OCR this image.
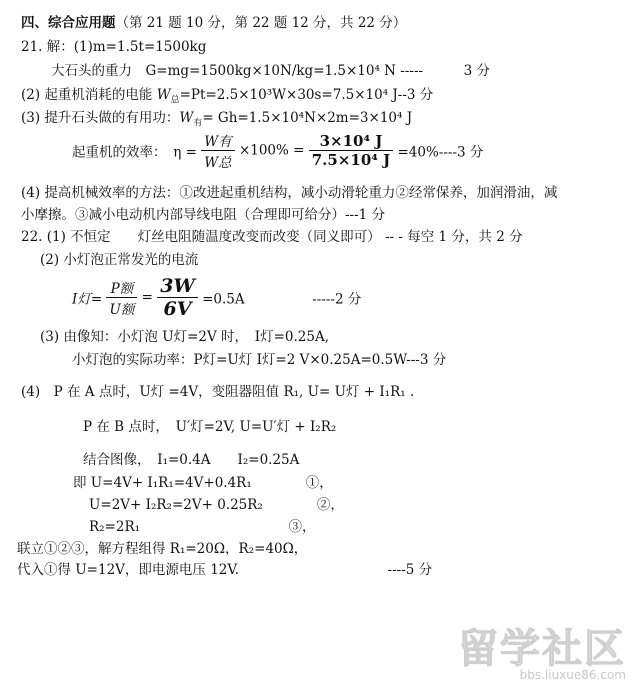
四、综合应用题（第 21 题 10 分，第 22 题 12 分，共 22 分）
21. 解：(1)m=1.5t=1500kg
大石头的重力　G=mg=1500kg×10N/kg=1.5×10⁴ N -----　　　3 分
(2) 起重机消耗的电能 $W_总=Pt=2.5\times 10^3W\times 30s=7.5\times 10^4$ J--3 分
(3) 提升石头做的有用功：$W_有= Gh=1.5\times 10^4N\times 2m=3\times 10^4$ J
起重机的效率：　$\eta = \frac{\text{W有}}{\text{W总}} \times 100\% = \frac{\text{3×10⁴ J}}{\text{7.5×10⁴ J}} =40\%----3$ 分
(4) 提高机械效率的方法：①改进起重机结构，减小动滑轮重力②经常保养，加润滑油，减
小摩擦。③减小电动机内部导线电阻（合理即可给分）---1 分
22. (1) 不恒定　　灯丝电阻随温度改变而改变（同义即可） -- - 每空 1 分，共 2 分
(2) 小灯泡正常发光的电流
I灯= $\frac{\text{P额}}{\text{U额}} = \frac{3W}{6V} =0.5A$　　　　　-----2 分
(3) 由像知：小灯泡 U灯=2V 时，　I灯=0.25A,
小灯泡的实际功率：P灯=U灯 I灯=2 V×0.25A=0.5W---3 分
(4)　P 在 A 点时，U灯 =4V，变阻器阻值 R₁, U= U灯 + I₁R₁ .
P 在 B 点时，　U′灯=2V, U=U′灯 + I₂R₂
结合图像，　I₁=0.4A　　I₂=0.25A
即 U=4V+ I₁R₁=4V+0.4R₁　　　　①，
U=2V+ I₂R₂=2V+ 0.25R₂　　　　②，
R₂=2R₁　　　　　　　　　　　③，
联立①②③，解方程组得 R₁=20Ω，R₂=40Ω，
代入①得 U=12V，即电源电压 12V.　　　　　　　　　　　----5 分
留学社区
bbs.liuxue86.com
